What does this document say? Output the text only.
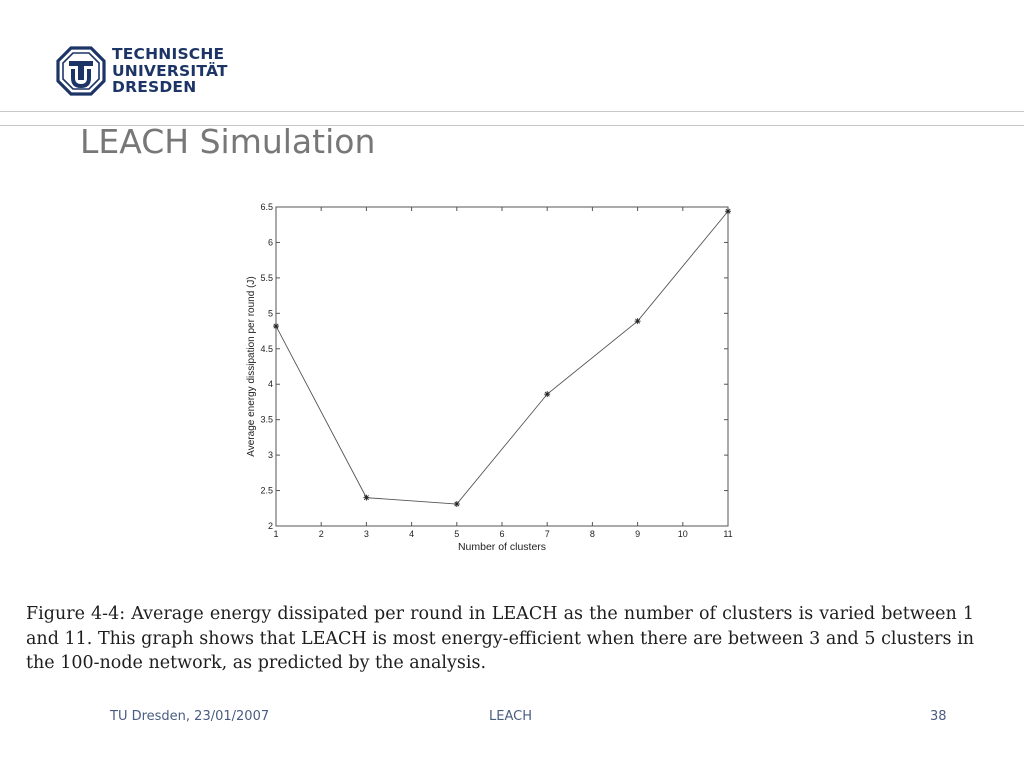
TECHNISCHE
UNIVERSITÄT
DRESDEN
LEACH Simulation
1	2	3	4	5	6	7	8	9	10	11
2
2.5
3
3.5
4
4.5
5
5.5
6
6.5
Number of clusters
Average energy dissipation per round (J)
Figure 4-4: Average energy dissipated per round in LEACH as the number of clusters is varied between 1 and 11. This graph shows that LEACH is most energy-efficient when there are between 3 and 5 clusters in the 100-node network, as predicted by the analysis.
TU Dresden, 23/01/2007	LEACH	38
